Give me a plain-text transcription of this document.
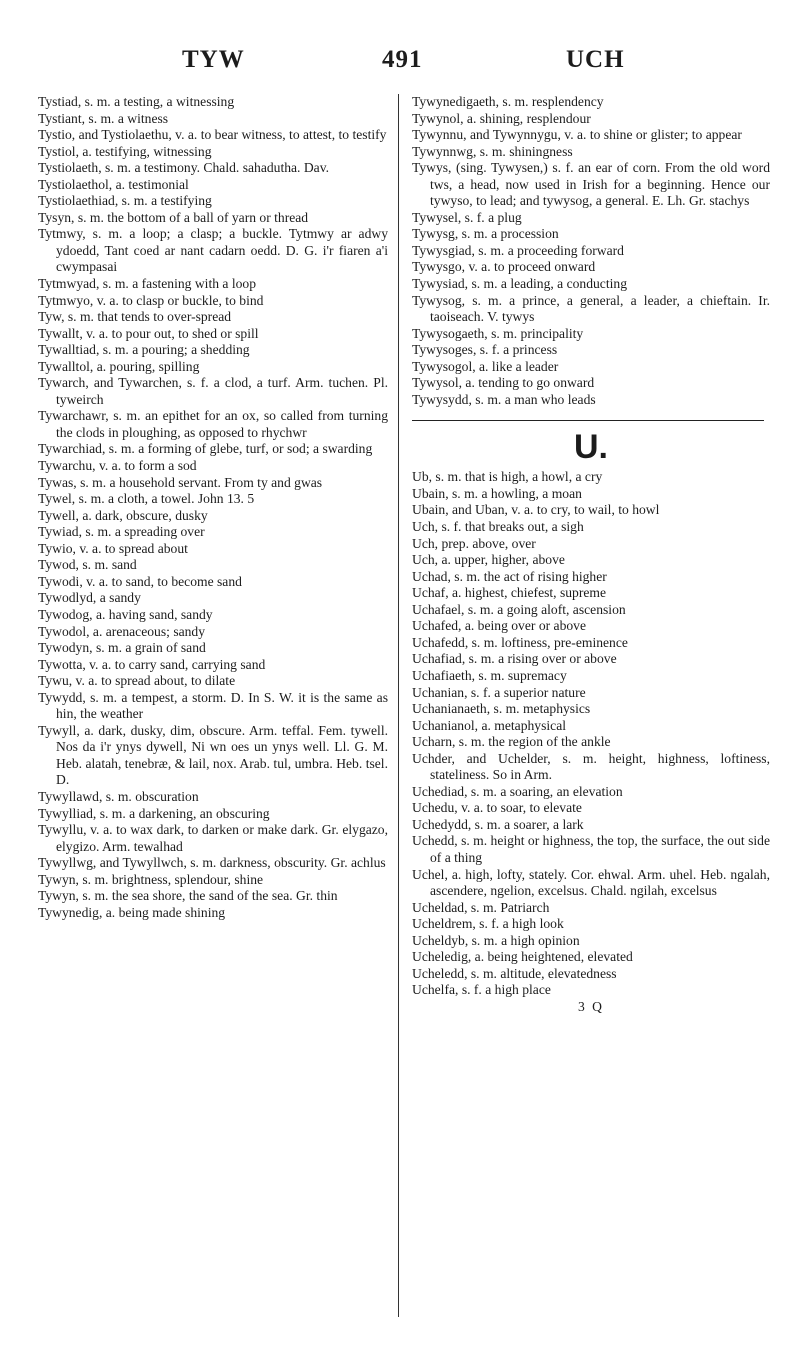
TYW	491	UCH

Tystiad, s. m. a testing, a witnessing

Tystiant, s. m. a witness

Tystio, and Tystiolaethu, v. a. to bear witness, to attest, to testify

Tystiol, a. testifying, witnessing

Tystiolaeth, s. m. a testimony. Chald. sahadutha. Dav.

Tystiolaethol, a. testimonial

Tystiolaethiad, s. m. a testifying

Tysyn, s. m. the bottom of a ball of yarn or thread

Tytmwy, s. m. a loop; a clasp; a buckle. Tytmwy ar adwy ydoedd, Tant coed ar nant cadarn oedd. D. G. i'r fiaren a'i cwympasai

Tytmwyad, s. m. a fastening with a loop

Tytmwyo, v. a. to clasp or buckle, to bind

Tyw, s. m. that tends to over-spread

Tywallt, v. a. to pour out, to shed or spill

Tywalltiad, s. m. a pouring; a shedding

Tywalltol, a. pouring, spilling

Tywarch, and Tywarchen, s. f. a clod, a turf. Arm. tuchen. Pl. tyweirch

Tywarchawr, s. m. an epithet for an ox, so called from turning the clods in ploughing, as opposed to rhychwr

Tywarchiad, s. m. a forming of glebe, turf, or sod; a swarding

Tywarchu, v. a. to form a sod

Tywas, s. m. a household servant. From ty and gwas

Tywel, s. m. a cloth, a towel. John 13. 5

Tywell, a. dark, obscure, dusky

Tywiad, s. m. a spreading over

Tywio, v. a. to spread about

Tywod, s. m. sand

Tywodi, v. a. to sand, to become sand

Tywodlyd, a sandy

Tywodog, a. having sand, sandy

Tywodol, a. arenaceous; sandy

Tywodyn, s. m. a grain of sand

Tywotta, v. a. to carry sand, carrying sand

Tywu, v. a. to spread about, to dilate

Tywydd, s. m. a tempest, a storm. D. In S. W. it is the same as hin, the weather

Tywyll, a. dark, dusky, dim, obscure. Arm. teffal. Fem. tywell. Nos da i'r ynys dywell, Ni wn oes un ynys well. Ll. G. M. Heb. alatah, tenebræ, & lail, nox. Arab. tul, umbra. Heb. tsel. D.

Tywyllawd, s. m. obscuration

Tywylliad, s. m. a darkening, an obscuring

Tywyllu, v. a. to wax dark, to darken or make dark. Gr. elygazo, elygizo. Arm. tewalhad

Tywyllwg, and Tywyllwch, s. m. darkness, obscurity. Gr. achlus

Tywyn, s. m. brightness, splendour, shine

Tywyn, s. m. the sea shore, the sand of the sea. Gr. thin

Tywynedig, a. being made shining

Tywynedigaeth, s. m. resplendency

Tywynol, a. shining, resplendour

Tywynnu, and Tywynnygu, v. a. to shine or glister; to appear

Tywynnwg, s. m. shiningness

Tywys, (sing. Tywysen,) s. f. an ear of corn. From the old word tws, a head, now used in Irish for a beginning. Hence our tywyso, to lead; and tywysog, a general. E. Lh. Gr. stachys

Tywysel, s. f. a plug

Tywysg, s. m. a procession

Tywysgiad, s. m. a proceeding forward

Tywysgo, v. a. to proceed onward

Tywysiad, s. m. a leading, a conducting

Tywysog, s. m. a prince, a general, a leader, a chieftain. Ir. taoiseach. V. tywys

Tywysogaeth, s. m. principality

Tywysoges, s. f. a princess

Tywysogol, a. like a leader

Tywysol, a. tending to go onward

Tywysydd, s. m. a man who leads

U.

Ub, s. m. that is high, a howl, a cry

Ubain, s. m. a howling, a moan

Ubain, and Uban, v. a. to cry, to wail, to howl

Uch, s. f. that breaks out, a sigh

Uch, prep. above, over

Uch, a. upper, higher, above

Uchad, s. m. the act of rising higher

Uchaf, a. highest, chiefest, supreme

Uchafael, s. m. a going aloft, ascension

Uchafed, a. being over or above

Uchafedd, s. m. loftiness, pre-eminence

Uchafiad, s. m. a rising over or above

Uchafiaeth, s. m. supremacy

Uchanian, s. f. a superior nature

Uchanianaeth, s. m. metaphysics

Uchanianol, a. metaphysical

Ucharn, s. m. the region of the ankle

Uchder, and Uchelder, s. m. height, highness, loftiness, stateliness. So in Arm.

Uchediad, s. m. a soaring, an elevation

Uchedu, v. a. to soar, to elevate

Uchedydd, s. m. a soarer, a lark

Uchedd, s. m. height or highness, the top, the surface, the out side of a thing

Uchel, a. high, lofty, stately. Cor. ehwal. Arm. uhel. Heb. ngalah, ascendere, ngelion, excelsus. Chald. ngilah, excelsus

Ucheldad, s. m. Patriarch

Ucheldrem, s. f. a high look

Ucheldyb, s. m. a high opinion

Ucheledig, a. being heightened, elevated

Ucheledd, s. m. altitude, elevatedness

Uchelfa, s. f. a high place

3 Q
